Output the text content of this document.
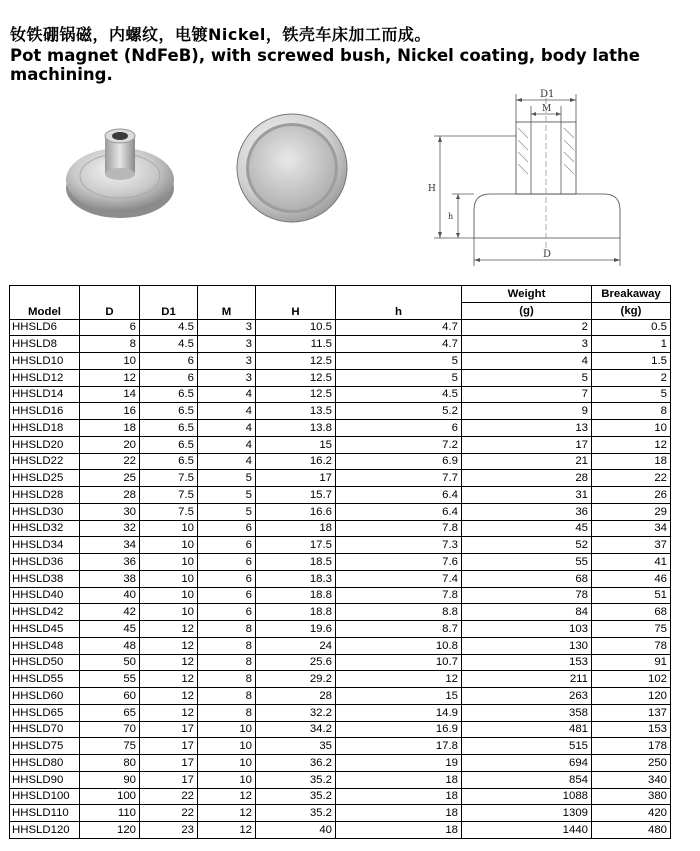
钕铁硼锅磁，内螺纹，电镀Nickel，铁壳车床加工而成。
Pot magnet (NdFeB), with screwed bush, Nickel coating, body lathe machining.
D1
M
H
h
D
Model	D	D1	M	H	h	Weight	Breakaway
						(g)	(kg)
HHSLD6	6	4.5	3	10.5	4.7	2	0.5
HHSLD8	8	4.5	3	11.5	4.7	3	1
HHSLD10	10	6	3	12.5	5	4	1.5
HHSLD12	12	6	3	12.5	5	5	2
HHSLD14	14	6.5	4	12.5	4.5	7	5
HHSLD16	16	6.5	4	13.5	5.2	9	8
HHSLD18	18	6.5	4	13.8	6	13	10
HHSLD20	20	6.5	4	15	7.2	17	12
HHSLD22	22	6.5	4	16.2	6.9	21	18
HHSLD25	25	7.5	5	17	7.7	28	22
HHSLD28	28	7.5	5	15.7	6.4	31	26
HHSLD30	30	7.5	5	16.6	6.4	36	29
HHSLD32	32	10	6	18	7.8	45	34
HHSLD34	34	10	6	17.5	7.3	52	37
HHSLD36	36	10	6	18.5	7.6	55	41
HHSLD38	38	10	6	18.3	7.4	68	46
HHSLD40	40	10	6	18.8	7.8	78	51
HHSLD42	42	10	6	18.8	8.8	84	68
HHSLD45	45	12	8	19.6	8.7	103	75
HHSLD48	48	12	8	24	10.8	130	78
HHSLD50	50	12	8	25.6	10.7	153	91
HHSLD55	55	12	8	29.2	12	211	102
HHSLD60	60	12	8	28	15	263	120
HHSLD65	65	12	8	32.2	14.9	358	137
HHSLD70	70	17	10	34.2	16.9	481	153
HHSLD75	75	17	10	35	17.8	515	178
HHSLD80	80	17	10	36.2	19	694	250
HHSLD90	90	17	10	35.2	18	854	340
HHSLD100	100	22	12	35.2	18	1088	380
HHSLD110	110	22	12	35.2	18	1309	420
HHSLD120	120	23	12	40	18	1440	480
